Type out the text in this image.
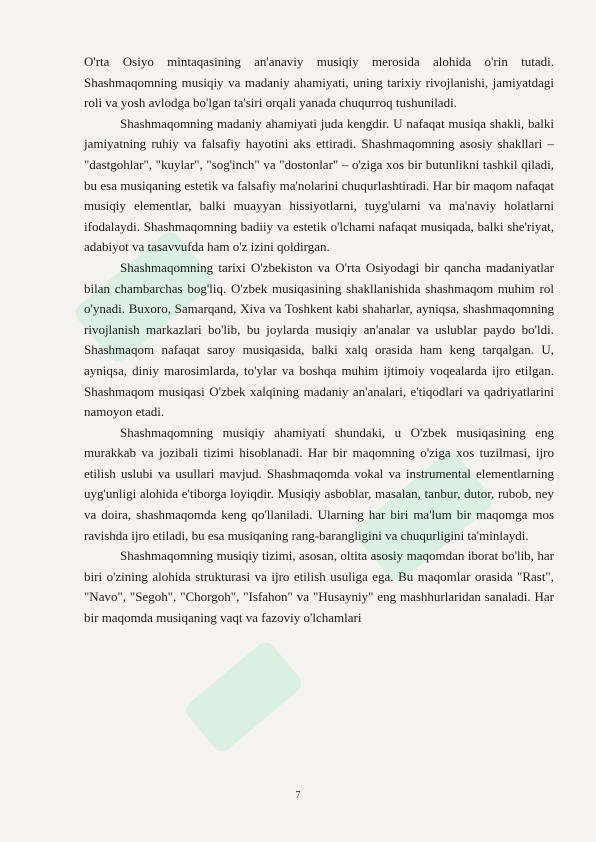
O'rta Osiyo mintaqasining an'anaviy musiqiy merosida alohida o'rin tutadi. Shashmaqomning musiqiy va madaniy ahamiyati, uning tarixiy rivojlanishi, jamiyatdagi roli va yosh avlodga bo'lgan ta'siri orqali yanada chuqurroq tushuniladi.

Shashmaqomning madaniy ahamiyati juda kengdir. U nafaqat musiqa shakli, balki jamiyatning ruhiy va falsafiy hayotini aks ettiradi. Shashmaqomning asosiy shakllari – "dastgohlar", "kuylar", "sog'inch" va "dostonlar" – o'ziga xos bir butunlikni tashkil qiladi, bu esa musiqaning estetik va falsafiy ma'nolarini chuqurlashtiradi. Har bir maqom nafaqat musiqiy elementlar, balki muayyan hissiyotlarni, tuyg'ularni va ma'naviy holatlarni ifodalaydi. Shashmaqomning badiiy va estetik o'lchami nafaqat musiqada, balki she'riyat, adabiyot va tasavvufda ham o'z izini qoldirgan.

Shashmaqomning tarixi O'zbekiston va O'rta Osiyodagi bir qancha madaniyatlar bilan chambarchas bog'liq. O'zbek musiqasining shakllanishida shashmaqom muhim rol o'ynadi. Buxoro, Samarqand, Xiva va Toshkent kabi shaharlar, ayniqsa, shashmaqomning rivojlanish markazlari bo'lib, bu joylarda musiqiy an'analar va uslublar paydo bo'ldi. Shashmaqom nafaqat saroy musiqasida, balki xalq orasida ham keng tarqalgan. U, ayniqsa, diniy marosimlarda, to'ylar va boshqa muhim ijtimoiy voqealarda ijro etilgan. Shashmaqom musiqasi O'zbek xalqining madaniy an'analari, e'tiqodlari va qadriyatlarini namoyon etadi.

Shashmaqomning musiqiy ahamiyati shundaki, u O'zbek musiqasining eng murakkab va jozibali tizimi hisoblanadi. Har bir maqomning o'ziga xos tuzilmasi, ijro etilish uslubi va usullari mavjud. Shashmaqomda vokal va instrumental elementlarning uyg'unligi alohida e'tiborga loyiqdir. Musiqiy asboblar, masalan, tanbur, dutor, rubob, ney va doira, shashmaqomda keng qo'llaniladi. Ularning har biri ma'lum bir maqomga mos ravishda ijro etiladi, bu esa musiqaning rang-barangligini va chuqurligini ta'minlaydi.

Shashmaqomning musiqiy tizimi, asosan, oltita asosiy maqomdan iborat bo'lib, har biri o'zining alohida strukturasi va ijro etilish usuliga ega. Bu maqomlar orasida "Rast", "Navo", "Segoh", "Chorgoh", "Isfahon" va "Husayniy" eng mashhurlaridan sanaladi. Har bir maqomda musiqaning vaqt va fazoviy o'lchamlari

7
